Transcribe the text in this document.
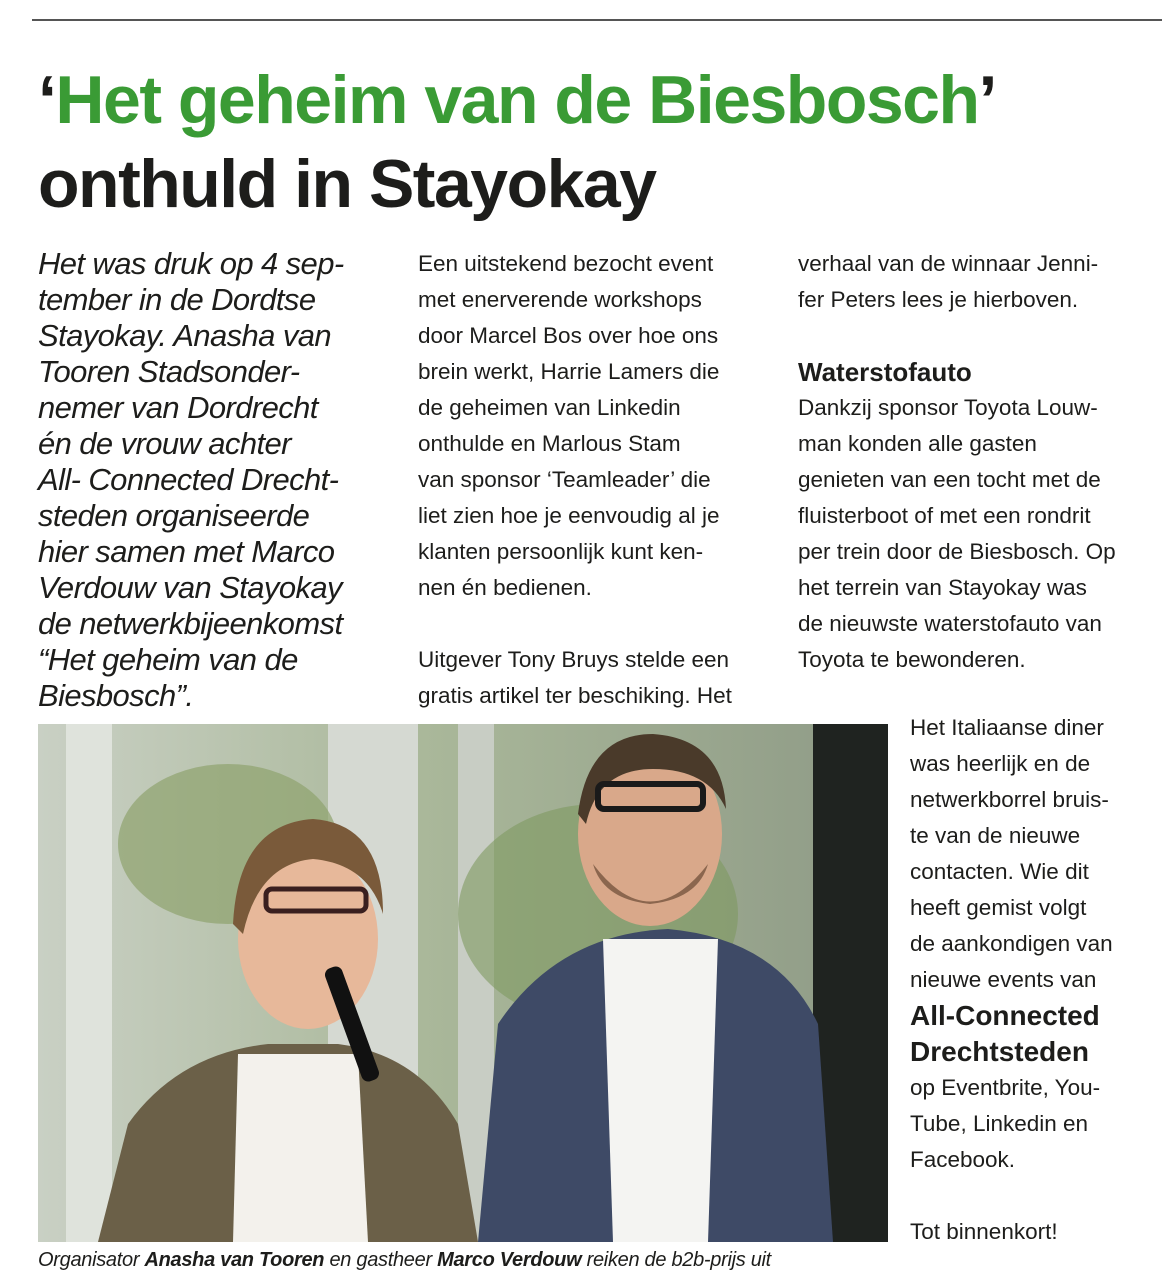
‘Het geheim van de Biesbosch’
onthuld in Stayokay

Het was druk op 4 sep-

tember in de Dordtse

Stayokay. Anasha van

Tooren Stadsonder-

nemer van Dordrecht

én de vrouw achter

All- Connected Drecht-

steden organiseerde

hier samen met Marco

Verdouw van Stayokay

de netwerkbijeenkomst

“Het geheim van de

Biesbosch”.

Een uitstekend bezocht event

met enerverende workshops

door Marcel Bos over hoe ons

brein werkt, Harrie Lamers die

de geheimen van Linkedin

onthulde en Marlous Stam

van sponsor ‘Teamleader’ die

liet zien hoe je eenvoudig al je

klanten persoonlijk kunt ken-

nen én bedienen.

Uitgever Tony Bruys stelde een

gratis artikel ter beschiking. Het

verhaal van de winnaar Jenni-

fer Peters lees je hierboven.

Waterstofauto

Dankzij sponsor Toyota Louw-

man konden alle gasten

genieten van een tocht met de

fluisterboot of met een rondrit

per trein door de Biesbosch. Op

het terrein van Stayokay was

de nieuwste waterstofauto van

Toyota te bewonderen.

Het Italiaanse diner

was heerlijk en de

netwerkborrel bruis-

te van de nieuwe

contacten. Wie dit

heeft gemist volgt

de aankondigen van

nieuwe events van

All-Connected

Drechtsteden

op Eventbrite, You-

Tube, Linkedin en

Facebook.

Tot binnenkort!

Organisator Anasha van Tooren en gastheer Marco Verdouw reiken de b2b-prijs uit
